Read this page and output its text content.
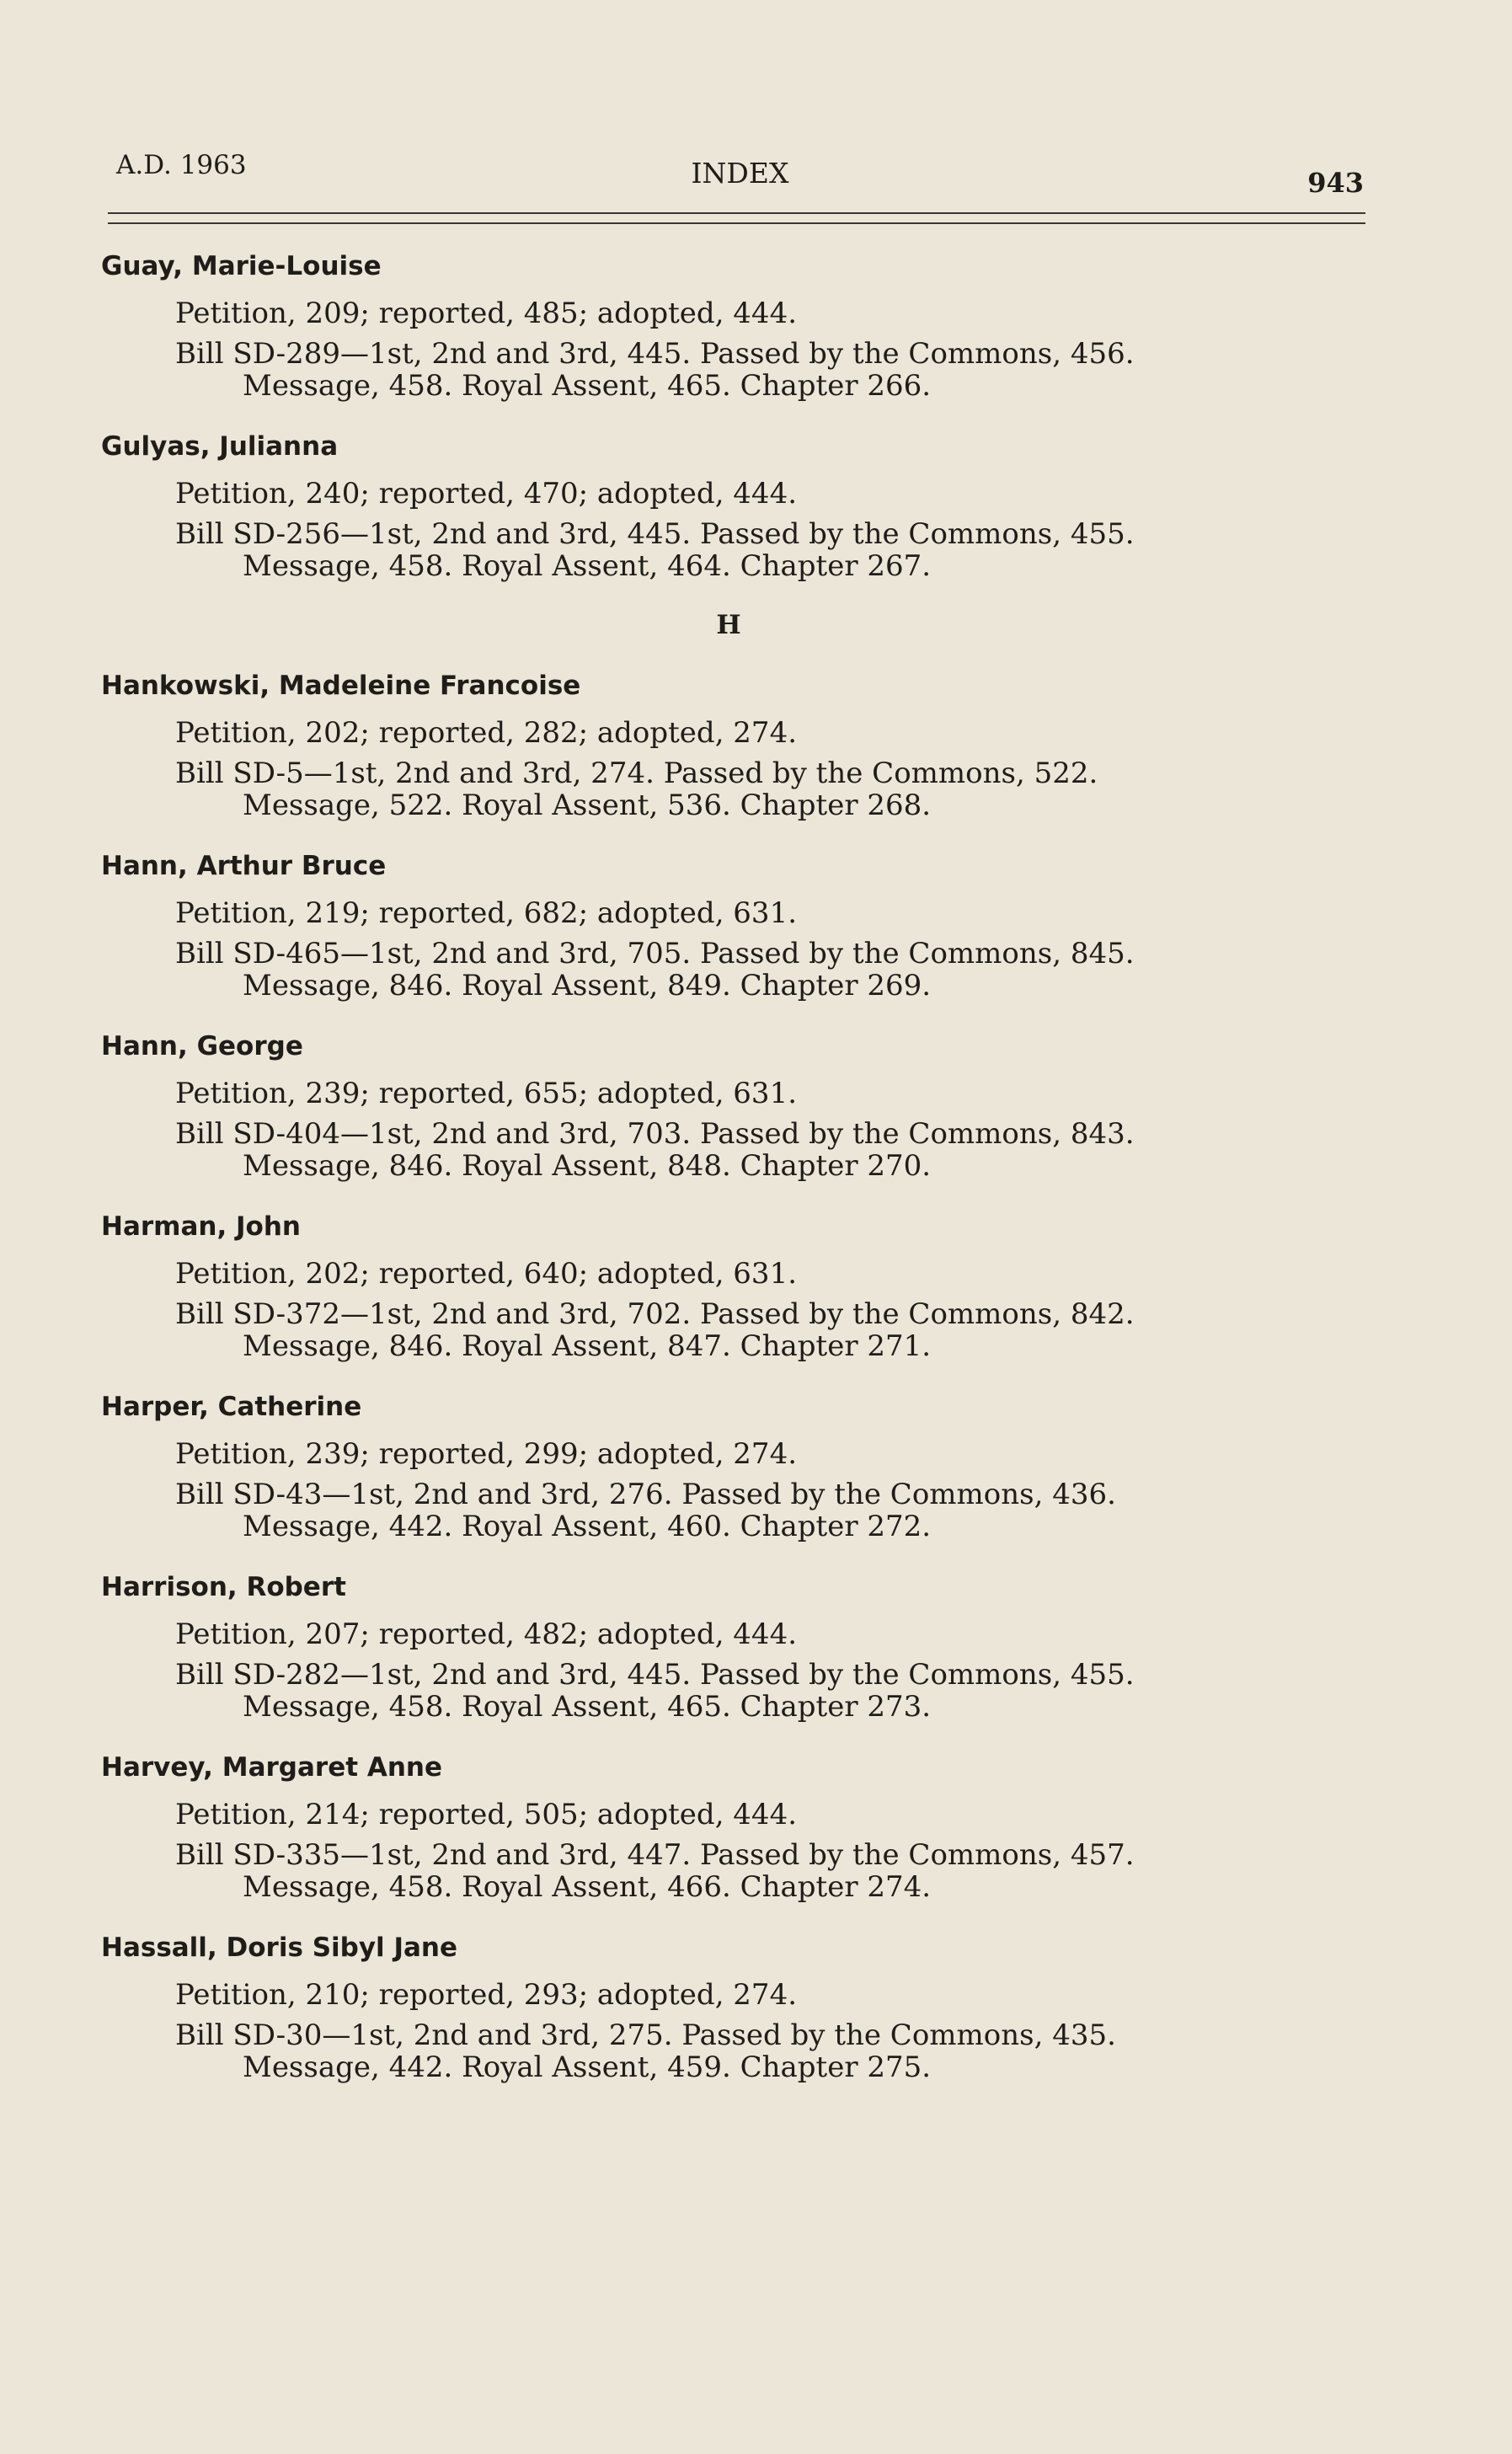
A.D. 1963	INDEX	943
Guay, Marie-Louise
Petition, 209; reported, 485; adopted, 444.
Bill SD-289—1st, 2nd and 3rd, 445. Passed by the Commons, 456.
Message, 458. Royal Assent, 465. Chapter 266.
Gulyas, Julianna
Petition, 240; reported, 470; adopted, 444.
Bill SD-256—1st, 2nd and 3rd, 445. Passed by the Commons, 455.
Message, 458. Royal Assent, 464. Chapter 267.
H
Hankowski, Madeleine Francoise
Petition, 202; reported, 282; adopted, 274.
Bill SD-5—1st, 2nd and 3rd, 274. Passed by the Commons, 522.
Message, 522. Royal Assent, 536. Chapter 268.
Hann, Arthur Bruce
Petition, 219; reported, 682; adopted, 631.
Bill SD-465—1st, 2nd and 3rd, 705. Passed by the Commons, 845.
Message, 846. Royal Assent, 849. Chapter 269.
Hann, George
Petition, 239; reported, 655; adopted, 631.
Bill SD-404—1st, 2nd and 3rd, 703. Passed by the Commons, 843.
Message, 846. Royal Assent, 848. Chapter 270.
Harman, John
Petition, 202; reported, 640; adopted, 631.
Bill SD-372—1st, 2nd and 3rd, 702. Passed by the Commons, 842.
Message, 846. Royal Assent, 847. Chapter 271.
Harper, Catherine
Petition, 239; reported, 299; adopted, 274.
Bill SD-43—1st, 2nd and 3rd, 276. Passed by the Commons, 436.
Message, 442. Royal Assent, 460. Chapter 272.
Harrison, Robert
Petition, 207; reported, 482; adopted, 444.
Bill SD-282—1st, 2nd and 3rd, 445. Passed by the Commons, 455.
Message, 458. Royal Assent, 465. Chapter 273.
Harvey, Margaret Anne
Petition, 214; reported, 505; adopted, 444.
Bill SD-335—1st, 2nd and 3rd, 447. Passed by the Commons, 457.
Message, 458. Royal Assent, 466. Chapter 274.
Hassall, Doris Sibyl Jane
Petition, 210; reported, 293; adopted, 274.
Bill SD-30—1st, 2nd and 3rd, 275. Passed by the Commons, 435.
Message, 442. Royal Assent, 459. Chapter 275.
